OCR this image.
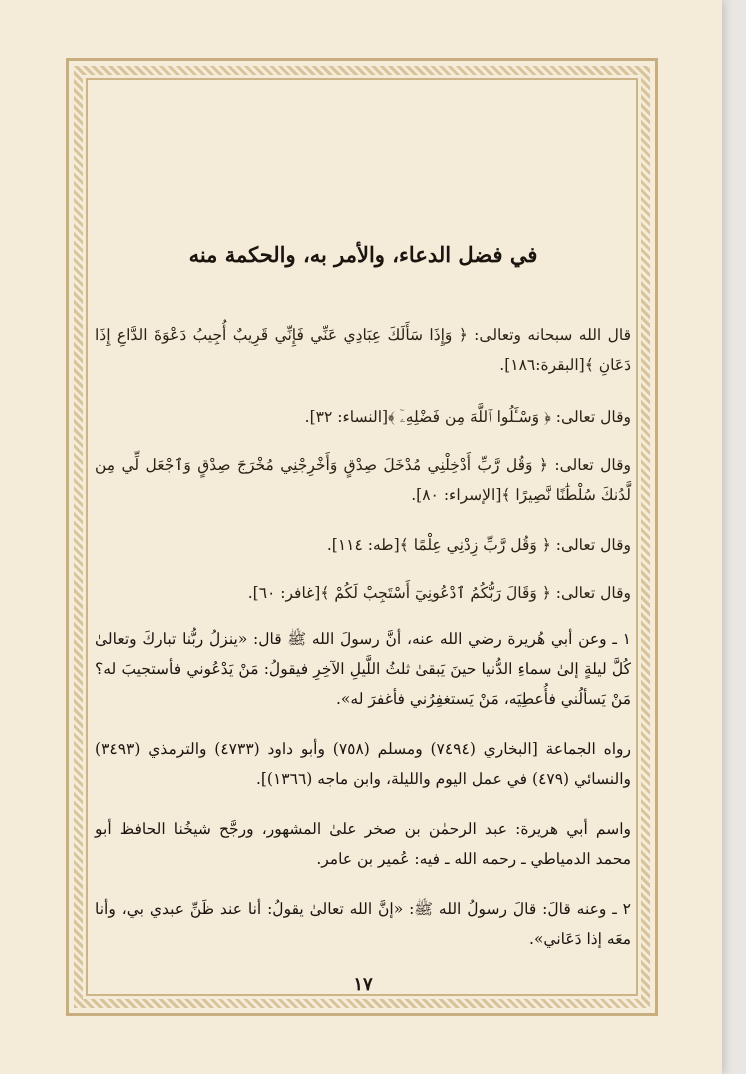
في فضل الدعاء، والأمر به، والحكمة منه

قال الله سبحانه وتعالى: ﴿ وَإِذَا سَأَلَكَ عِبَادِي عَنِّي فَإِنِّي قَرِيبٌ أُجِيبُ دَعْوَةَ الدَّاعِ إِذَا دَعَانِ ﴾[البقرة:١٨٦].

وقال تعالى: ﴿ وَسْـَٔلُوا ٱللَّهَ مِن فَضْلِهِۦٓ ﴾[النساء: ٣٢].

وقال تعالى: ﴿ وَقُل رَّبِّ أَدْخِلْنِي مُدْخَلَ صِدْقٍ وَأَخْرِجْنِي مُخْرَجَ صِدْقٍ وَٱجْعَل لِّي مِن لَّدُنكَ سُلْطَٰنًا نَّصِيرًا ﴾[الإسراء: ٨٠].

وقال تعالى: ﴿ وَقُل رَّبِّ زِدْنِي عِلْمًا ﴾[طه: ١١٤].

وقال تعالى: ﴿ وَقَالَ رَبُّكُمُ ٱدْعُونِيٓ أَسْتَجِبْ لَكُمْ ﴾[غافر: ٦٠].

١ ـ وعن أبي هُريرة رضي الله عنه، أنَّ رسولَ الله ﷺ قال: «ينزلُ ربُّنا تباركَ وتعالىٰ كُلَّ ليلةٍ إلىٰ سماءِ الدُّنيا حينَ يَبقىٰ ثلثُ اللَّيلِ الآخِرِ فيقولُ: مَنْ يَدْعُوني فأستجيبَ له؟ مَنْ يَسألُني فأُعطِيَه، مَنْ يَستغفِرُني فأغفرَ له».

رواه الجماعة [البخاري (٧٤٩٤) ومسلم (٧٥٨) وأبو داود (٤٧٣٣) والترمذي (٣٤٩٣) والنسائي (٤٧٩) في عمل اليوم والليلة، وابن ماجه (١٣٦٦)].

واسم أبي هريرة: عبد الرحمٰن بن صخر علىٰ المشهور، ورجَّح شيخُنا الحافظ أبو محمد الدمياطي ـ رحمه الله ـ فيه: عُمير بن عامر.

٢ ـ وعنه قالَ: قالَ رسولُ الله ﷺ: «إنَّ الله تعالىٰ يقولُ: أنا عند ظَنِّ عبدي بي، وأنا معَه إذا دَعَاني».

١٧
